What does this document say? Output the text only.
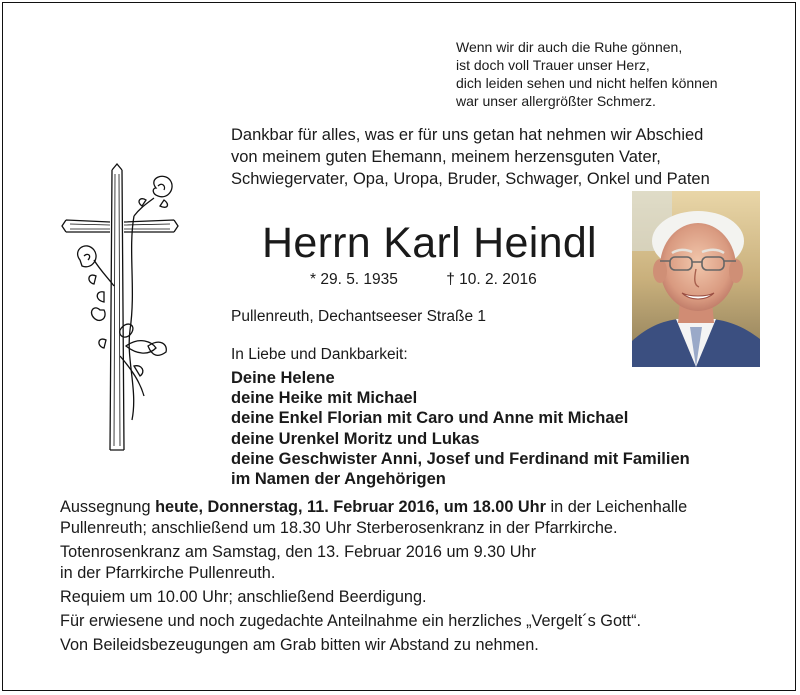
Wenn wir dir auch die Ruhe gönnen,
ist doch voll Trauer unser Herz,
dich leiden sehen und nicht helfen können
war unser allergrößter Schmerz.
Dankbar für alles, was er für uns getan hat nehmen wir Abschied
von meinem guten Ehemann, meinem herzensguten Vater,
Schwiegervater, Opa, Uropa, Bruder, Schwager, Onkel und Paten
Herrn Karl Heindl
* 29. 5. 1935	† 10. 2. 2016
Pullenreuth, Dechantseeser Straße 1
In Liebe und Dankbarkeit:
Deine Helene
deine Heike mit Michael
deine Enkel Florian mit Caro und Anne mit Michael
deine Urenkel Moritz und Lukas
deine Geschwister Anni, Josef und Ferdinand mit Familien
im Namen der Angehörigen
Aussegnung heute, Donnerstag, 11. Februar 2016, um 18.00 Uhr in der Leichenhalle
Pullenreuth; anschließend um 18.30 Uhr Sterberosenkranz in der Pfarrkirche.
Totenrosenkranz am Samstag, den 13. Februar 2016 um 9.30 Uhr
in der Pfarrkirche Pullenreuth.
Requiem um 10.00 Uhr; anschließend Beerdigung.
Für erwiesene und noch zugedachte Anteilnahme ein herzliches „Vergelt´s Gott“.
Von Beileidsbezeugungen am Grab bitten wir Abstand zu nehmen.
